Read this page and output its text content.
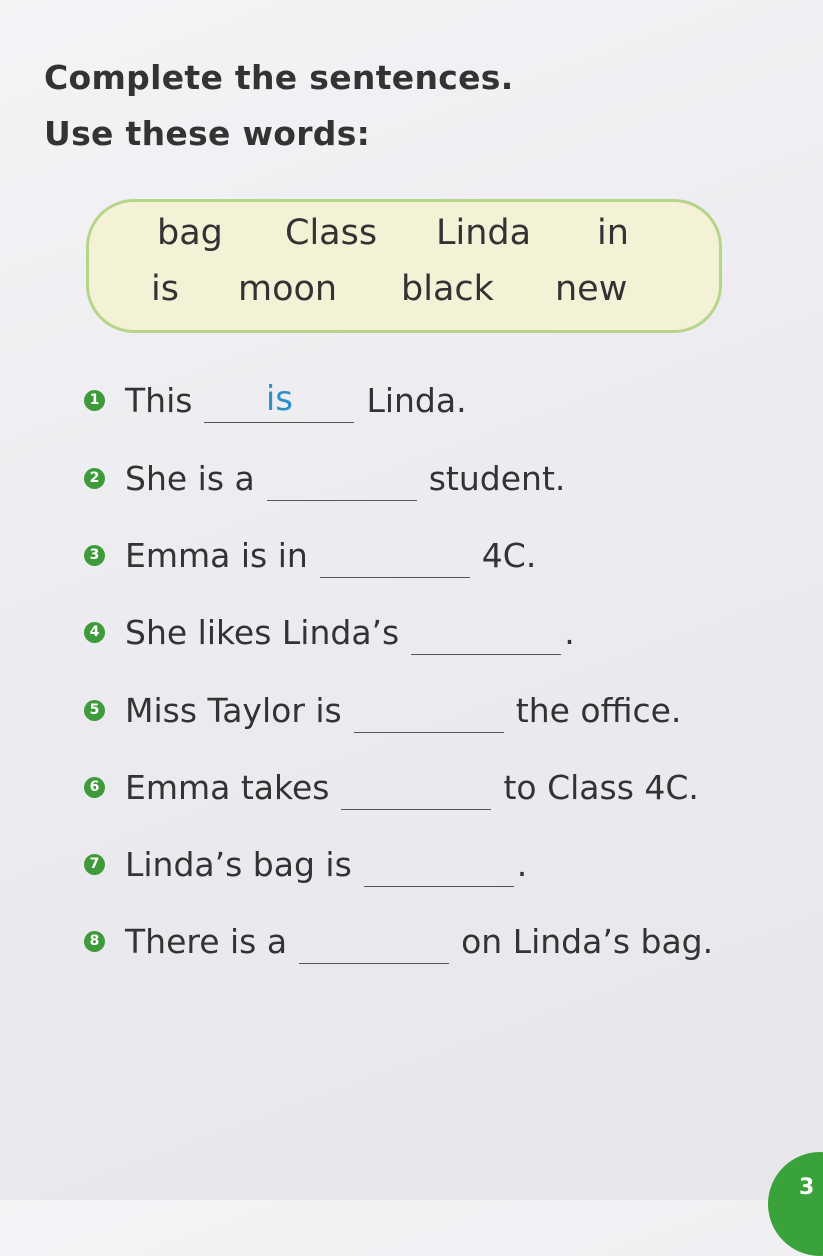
Complete the sentences.
Use these words:
bag Class Linda in
is moon black new
1 This	is	Linda.
2 She is a	student.
3 Emma is in	4C.
4 She likes Linda’s	.
5 Miss Taylor is	the office.
6 Emma takes	to Class 4C.
7 Linda’s bag is	.
8 There is a	on Linda’s bag.
3
